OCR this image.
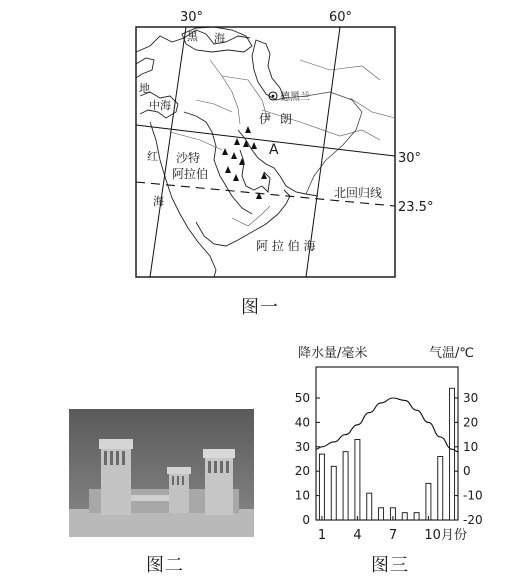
30°	60°
30°
23.5°
北回归线
黑 海
地
中海
伊 朗
沙特
阿拉伯
红
海
阿 拉 伯 海
德黑兰
A
图一
图二
降水量/毫米	气温/℃
0
10
20
30
40
50
-20
-10
0
10
20
30
1 4 7 10月份
图三
